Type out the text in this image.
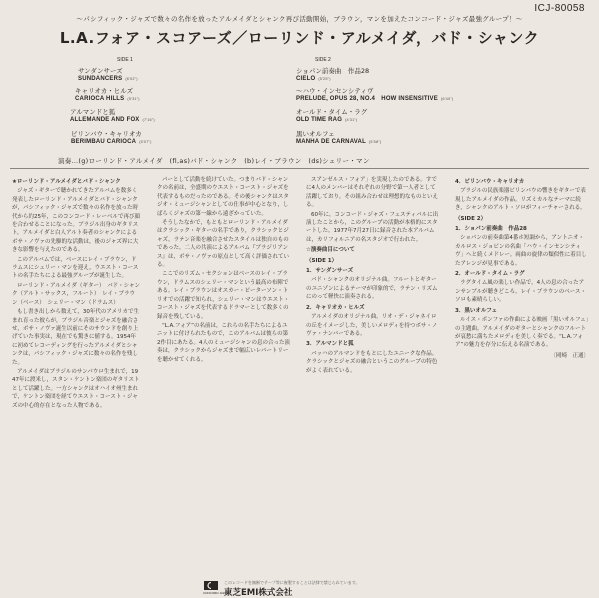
ICJ-80058
～パシフィック・ジャズで数々の名作を放ったアルメイダとシャンク再び活動開始，ブラウン，マンを加えたコンコード・ジャズ最強グループ！～
L.A.フォア・スコアーズ／ローリンド・アルメイダ，バド・シャンク
SIDE 1
サンダンサーズ
SUNDANCERS (6'02")
キャリオカ・ヒルズ
CARIOCA HILLS (5'31")
アルマンドと狐
ALLEMANDE AND FOX (7'16")
ビリンバウ・キャリオカ
BERIMBAU CARIOCA (5'07")
SIDE 2
ショパン前奏曲　作品28
CIELO (5'25")
～ハウ・インセンシティヴ
PRELUDE, OPUS 28, NO.4　HOW INSENSITIVE (6'40")
オールド・タイム・ラグ
OLD TIME RAG (4'31")
黒いオルフェ
MANHA DE CARNAVAL (5'58")
演奏…(g)ローリンド・アルメイダ　(fl,as)バド・シャンク　(b)レイ・ブラウン　(ds)シェリー・マン

★ローリンド・アルメイダとバド・シャンク

ジャズ・ギターで聴かれてきたアルバムを数多く発表したローリンド・アルメイダとバド・シャンクが，パシフィック・ジャズで数々の名作を放った時代から約25年，このコンコード・レーベルで再び顔を合わせることになった。ブラジル出身のギタリスト，アルメイダと白人アルト奏者のシャンクによるボサ・ノヴァの先駆的な活動は，後のジャズ界に大きな影響を与えたのである。

このアルバムでは，ベースにレイ・ブラウン，ドラムスにシェリー・マンを迎え，ウエスト・コーストの名手たちによる最強グループが誕生した。

ローリンド・アルメイダ（ギター）　バド・シャンク（アルト・サックス，フルート）　レイ・ブラウン（ベース）　シェリー・マン（ドラムス）

もし書き出しから数えて，30年代のアメリカで生まれ育った彼らが，ブラジル音楽とジャズを融合させ，ボサ・ノヴァ誕生以前にそのサウンドを創り上げていた事実は，現在でも驚きに値する。1954年に初めてレコーディングを行ったアルメイダとシャンクは，パシフィック・ジャズに数々の名作を残した。

アルメイダはブラジルのサンパウロ生まれで，1947年に渡米し，スタン・ケントン楽団のギタリストとして活躍した。一方シャンクはオハイオ州生まれで，ケントン楽団を経てウエスト・コースト・ジャズの中心的存在となった人物である。

パーとして活動を続けていた。つまりバド・シャンクの名前は，全盛期のウエスト・コースト・ジャズを代表するものだったのである。その後シャンクはスタジオ・ミュージシャンとしての仕事が中心となり，しばらくジャズの第一線から遠ざかっていた。

そうしたなかで，もともとローリンド・アルメイダはクラシック・ギターの名手であり，クラシックとジャズ，ラテン音楽を融合させたスタイルは独自のものであった。二人の共演によるアルバム『ブラジリアンス』は，ボサ・ノヴァの原点として高く評価されている。

ここでのリズム・セクションはベースのレイ・ブラウン，ドラムスのシェリー・マンという最高の布陣である。レイ・ブラウンはオスカー・ピーターソン・トリオでの活躍で知られ，シェリー・マンはウエスト・コースト・ジャズを代表するドラマーとして数多くの録音を残している。

“L.A.フォア”の名前は，これらの名手たちによるユニットに付けられたもので，このアルバムは彼らの第2作目にあたる。4人のミュージシャンの息の合った演奏は，クラシックからジャズまで幅広いレパートリーを聴かせてくれる。

スアンゼルス・フォア」を実現したのである。すでに4人のメンバーはそれぞれの分野で第一人者として活躍しており，その組み合わせは理想的なものといえる。

60年に，コンコード・ジャズ・フェスティバルに出演したことから，このグループの活動が本格的にスタートした。1977年7月27日に録音された本アルバムは，カリフォルニアの名スタジオで行われた。

☆演奏曲目について

（SIDE 1）

1．サンダンサーズ

バド・シャンクのオリジナル曲。フルートとギターのユニゾンによるテーマが印象的で，ラテン・リズムにのって軽快に演奏される。

2．キャリオカ・ヒルズ

アルメイダのオリジナル曲。リオ・デ・ジャネイロの丘をイメージした，美しいメロディを持つボサ・ノヴァ・ナンバーである。

3．アルマンドと狐

バッハのアルマンドをもとにしたユニークな作品。クラシックとジャズの融合というこのグループの特色がよく表れている。

4．ビリンバウ・キャリオカ

ブラジルの民族楽器ビリンバウの響きをギターで表現したアルメイダの作品。リズミカルなテーマに続き，シャンクのアルト・ソロがフィーチャーされる。

（SIDE 2）

1．ショパン前奏曲　作品28

ショパンの前奏曲第4番ホ短調から，アントニオ・カルロス・ジョビンの名曲「ハウ・インセンシティヴ」へと続くメドレー。両曲の旋律の類似性に着目したアレンジが見事である。

2．オールド・タイム・ラグ

ラグタイム風の楽しい作品で，4人の息の合ったアンサンブルが聴きどころ。レイ・ブラウンのベース・ソロも素晴らしい。

3．黒いオルフェ

ルイス・ボンファの作曲による映画「黒いオルフェ」の主題曲。アルメイダのギターとシャンクのフルートが哀愁に満ちたメロディを美しく奏でる。“L.A.フォア”の魅力を存分に伝える名演である。

〔岡崎　正通〕

CONCORD JAZZ
このレコードを無断でテープ等に複製することは法律で禁じられています。
東芝EMI株式会社
